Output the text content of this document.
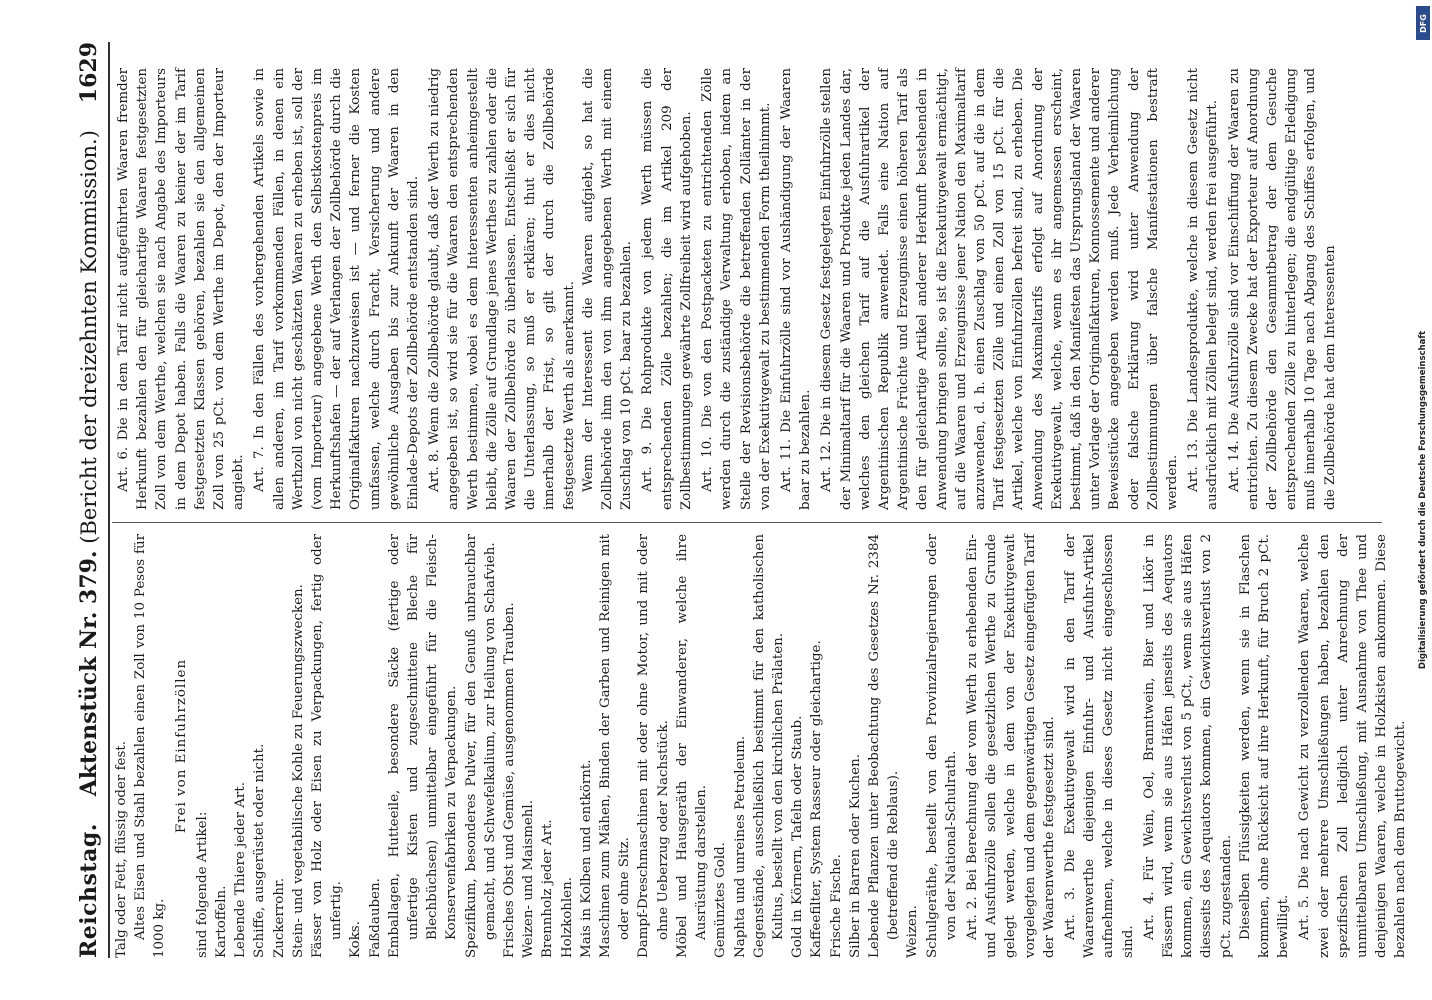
Reichstag.
Aktenstück Nr. 379. (Bericht der dreizehnten Kommission.)
1629

Talg oder Fett, flüssig oder fest. Altes Eisen und Stahl bezahlen einen Zoll von 10 Pesos für 1000 kg.

Frei von Einfuhrzöllen

sind folgende Artikel: Kartoffeln. Lebende Thiere jeder Art. Schiffe, ausgerüstet oder nicht. Zuckerrohr. Stein- und vegetabilische Kohle zu Feuerungszwecken. Fässer von Holz oder Eisen zu Verpackungen, fertig oder unfertig. Koks. Faßdauben. Emballagen, Hutteeile, besondere Säcke (fertige oder unfertige Kisten und zugeschnittene Bleche für Blechbüchsen) unmittelbar eingeführt für die Fleisch-Konservenfabriken zu Verpackungen. Spezifikum, besonderes Pulver, für den Genuß unbrauchbar gemacht, und Schwefelkalium, zur Heilung von Schafvieh. Frisches Obst und Gemüse, ausgenommen Trauben. Weizen- und Maismehl. Brennholz jeder Art. Holzkohlen. Mais in Kolben und entkörnt. Maschinen zum Mähen, Binden der Garben und Reinigen mit oder ohne Sitz. Dampf-Dreschmaschinen mit oder ohne Motor, und mit oder ohne Ueberzug oder Nachstück. Möbel und Hausgeräth der Einwanderer, welche ihre Ausrüstung darstellen. Gemünztes Gold. Naphta und unreines Petroleum. Gegenstände, ausschließlich bestimmt für den katholischen Kultus, bestellt von den kirchlichen Prälaten. Gold in Körnern, Tafeln oder Staub. Kaffeefilter, System Rasseur oder gleichartige. Frische Fische. Silber in Barren oder Kuchen. Lebende Pflanzen unter Beobachtung des Gesetzes Nr. 2384 (betreffend die Reblaus). Weizen. Schulgeräthe, bestellt von den Provinzialregierungen oder von der National-Schulrath. Art. 2. Bei Berechnung der vom Werth zu erhebenden Ein- und Ausfuhrzölle sollen die gesetzlichen Werthe zu Grunde gelegt werden, welche in dem von der Exekutivgewalt vorgelegten und dem gegenwärtigen Gesetz eingefügten Tarif der Waarenwerthe festgesetzt sind. Art. 3. Die Exekutivgewalt wird in den Tarif der Waarenwerthe diejenigen Einfuhr- und Ausfuhr-Artikel aufnehmen, welche in dieses Gesetz nicht eingeschlossen sind.

Art. 4. Für Wein, Oel, Branntwein, Bier und Likör in Fässern wird, wenn sie aus Häfen jenseits des Aequators kommen, ein Gewichtsverlust von 5 pCt., wenn sie aus Häfen diesseits des Aequators kommen, ein Gewichtsverlust von 2 pCt. zugestanden. Dieselben Flüssigkeiten werden, wenn sie in Flaschen kommen, ohne Rücksicht auf ihre Herkunft, für Bruch 2 pCt. bewilligt. Art. 5. Die nach Gewicht zu verzollenden Waaren, welche zwei oder mehrere Umschließungen haben, bezahlen den spezifischen Zoll lediglich unter Anrechnung der unmittelbaren Umschließung, mit Ausnahme von Thee und denjenigen Waaren, welche in Holzkisten ankommen. Diese bezahlen nach dem Bruttogewicht.

Art. 6. Die in dem Tarif nicht aufgeführten Waaren fremder Herkunft bezahlen den für gleichartige Waaren festgesetzten Zoll von dem Werthe, welchen sie nach Angabe des Importeurs in dem Depot haben. Falls die Waaren zu keiner der im Tarif festgesetzten Klassen gehören, bezahlen sie den allgemeinen Zoll von 25 pCt. von dem Werthe im Depot, den der Importeur angiebt. Art. 7. In den Fällen des vorhergehenden Artikels sowie in allen anderen, im Tarif vorkommenden Fällen, in denen ein Werthzoll von nicht geschätzten Waaren zu erheben ist, soll der (vom Importeur) angegebene Werth den Selbstkostenpreis im Herkunftshafen — der auf Verlangen der Zollbehörde durch die Originalfakturen nachzuweisen ist — und ferner die Kosten umfassen, welche durch Fracht, Versicherung und andere gewöhnliche Ausgaben bis zur Ankunft der Waaren in den Einlade-Depots der Zollbehörde entstanden sind. Art. 8. Wenn die Zollbehörde glaubt, daß der Werth zu niedrig angegeben ist, so wird sie für die Waaren den entsprechenden Werth bestimmen, wobei es dem Interessenten anheimgestellt bleibt, die Zölle auf Grundlage jenes Werthes zu zahlen oder die Waaren der Zollbehörde zu überlassen. Entschließt er sich für die Unterlassung, so muß er erklären; thut er dies nicht innerhalb der Frist, so gilt der durch die Zollbehörde festgesetzte Werth als anerkannt. Wenn der Interessent die Waaren aufgiebt, so hat die Zollbehörde ihm den von ihm angegebenen Werth mit einem Zuschlag von 10 pCt. baar zu bezahlen. Art. 9. Die Rohprodukte von jedem Werth müssen die entsprechenden Zölle bezahlen; die im Artikel 209 der Zollbestimmungen gewährte Zollfreiheit wird aufgehoben. Art. 10. Die von den Postpacketen zu entrichtenden Zölle werden durch die zuständige Verwaltung erhoben, indem an Stelle der Revisionsbehörde die betreffenden Zollämter in der von der Exekutivgewalt zu bestimmenden Form theilnimmt. Art. 11. Die Einfuhrzölle sind vor Aushändigung der Waaren baar zu bezahlen. Art. 12. Die in diesem Gesetz festgelegten Einfuhrzölle stellen der Minimaltarif für die Waaren und Produkte jeden Landes dar, welches den gleichen Tarif auf die Ausfuhrartikel der Argentinischen Republik anwendet. Falls eine Nation auf Argentinische Früchte und Erzeugnisse einen höheren Tarif als den für gleichartige Artikel anderer Herkunft bestehenden in Anwendung bringen sollte, so ist die Exekutivgewalt ermächtigt, auf die Waaren und Erzeugnisse jener Nation den Maximaltarif anzuwenden, d. h. einen Zuschlag von 50 pCt. auf die in dem Tarif festgesetzten Zölle und einen Zoll von 15 pCt. für die Artikel, welche von Einfuhrzöllen befreit sind, zu erheben. Die Anwendung des Maximaltarifs erfolgt auf Anordnung der Exekutivgewalt, welche, wenn es ihr angemessen erscheint, bestimmt, daß in den Manifesten das Ursprungsland der Waaren unter Vorlage der Originalfakturen, Konnossemente und anderer Beweisstücke angegeben werden muß. Jede Verheimlichung oder falsche Erklärung wird unter Anwendung der Zollbestimmungen über falsche Manifestationen bestraft werden. Art. 13. Die Landesprodukte, welche in diesem Gesetz nicht ausdrücklich mit Zöllen belegt sind, werden frei ausgeführt. Art. 14. Die Ausfuhrzölle sind vor Einschiffung der Waaren zu entrichten. Zu diesem Zwecke hat der Exporteur auf Anordnung der Zollbehörde den Gesammtbetrag der dem Gesuche entsprechenden Zölle zu hinterlegen; die endgültige Erledigung muß innerhalb 10 Tage nach Abgang des Schiffes erfolgen, und die Zollbehörde hat dem Interessenten	Digitalisierung gefördert durch die Deutsche Forschungsgemeinschaft
DFG
